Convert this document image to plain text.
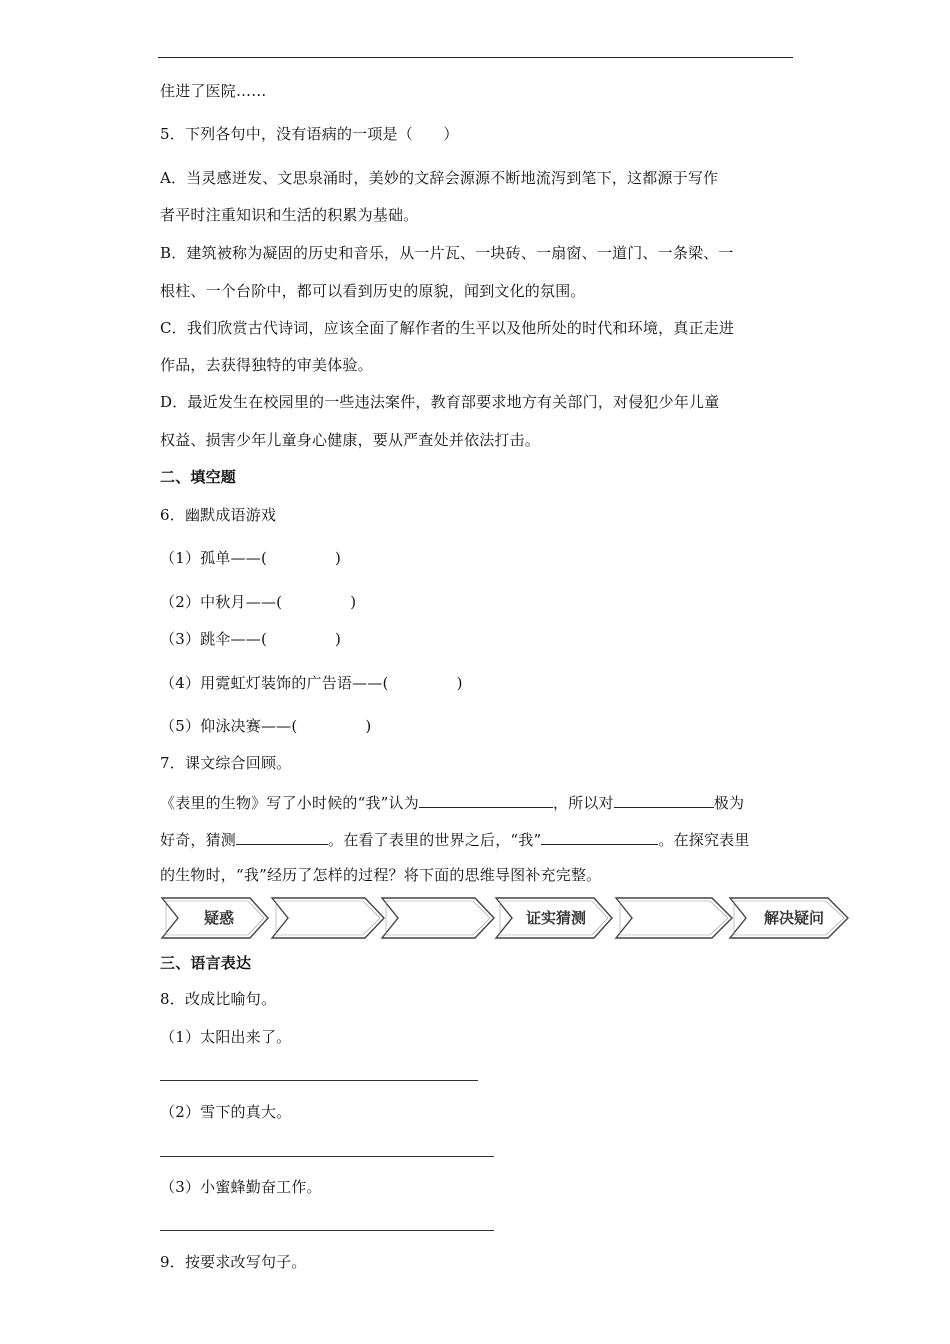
住进了医院……
5．下列各句中，没有语病的一项是（　　）
A．当灵感迸发、文思泉涌时，美妙的文辞会源源不断地流泻到笔下，这都源于写作
者平时注重知识和生活的积累为基础。
B．建筑被称为凝固的历史和音乐，从一片瓦、一块砖、一扇窗、一道门、一条梁、一
根柱、一个台阶中，都可以看到历史的原貌，闻到文化的氛围。
C．我们欣赏古代诗词，应该全面了解作者的生平以及他所处的时代和环境，真正走进
作品，去获得独特的审美体验。
D．最近发生在校园里的一些违法案件，教育部要求地方有关部门，对侵犯少年儿童
权益、损害少年儿童身心健康，要从严查处并依法打击。
二、填空题
6．幽默成语游戏
（1）孤单——(	)
（2）中秋月——(	)
（3）跳伞——(	)
（4）用霓虹灯装饰的广告语——(	)
（5）仰泳决赛——(	)
7．课文综合回顾。
《表里的生物》写了小时候的“我”认为	，所以对	极为
好奇，猜测	。在看了表里的世界之后，“我”	。在探究表里
的生物时，“我”经历了怎样的过程？将下面的思维导图补充完整。
疑惑	证实猜测	解决疑问
三、语言表达
8．改成比喻句。
（1）太阳出来了。
（2）雪下的真大。
（3）小蜜蜂勤奋工作。
9．按要求改写句子。
